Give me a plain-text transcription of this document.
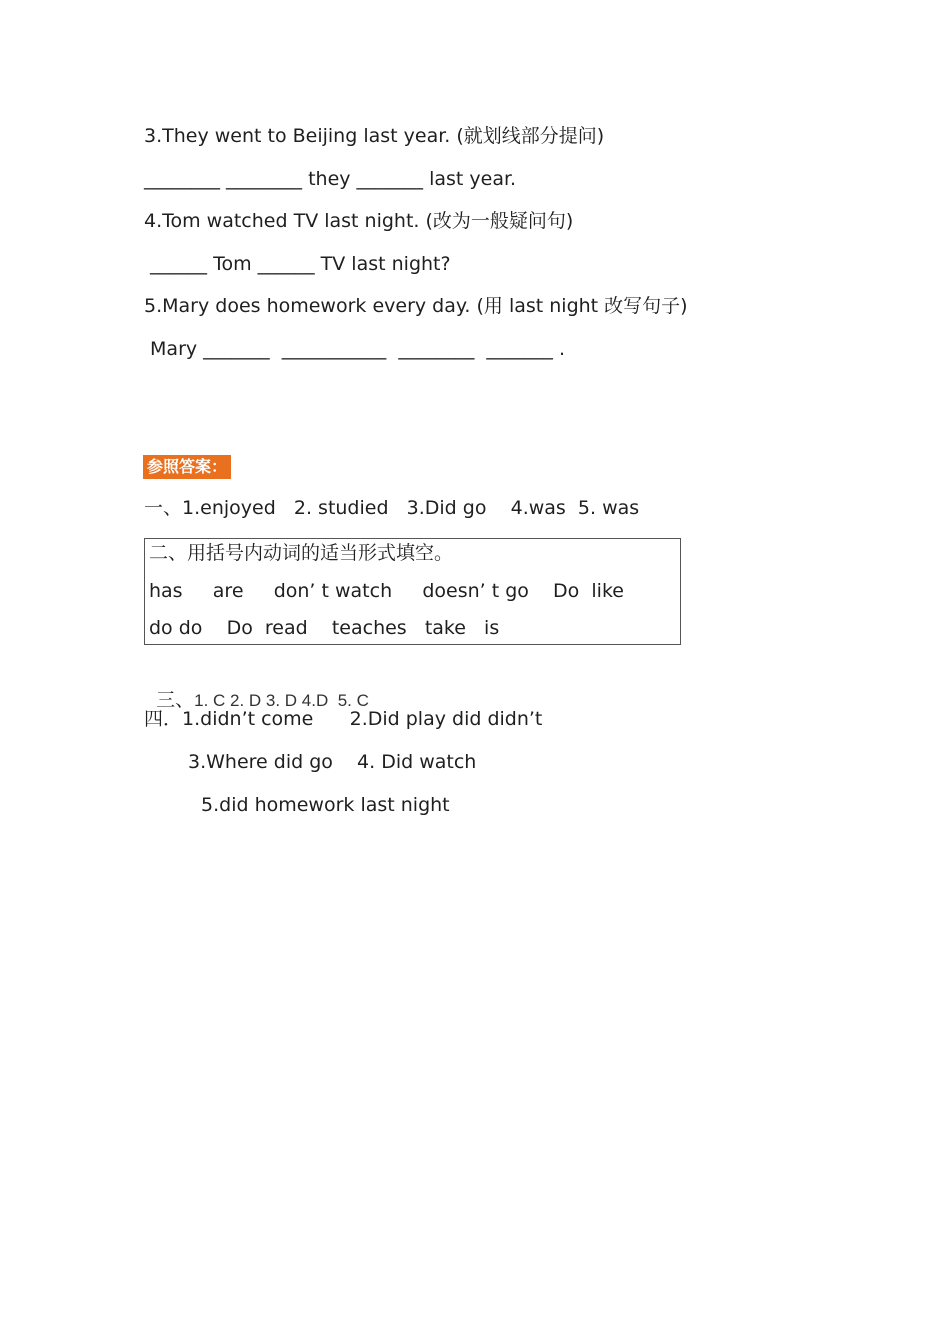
3.They went to Beijing last year. (就划线部分提问)
________ ________ they _______ last year.
4.Tom watched TV last night. (改为一般疑问句)
______ Tom ______ TV last night?
5.Mary does homework every day. (用 last night 改写句子)
Mary _______  ___________  ________  _______ .
参照答案：
一、1.enjoyed   2. studied   3.Did go    4.was  5. was
二、用括号内动词的适当形式填空。
has     are     don’ t watch     doesn’ t go    Do  like
do do    Do  read    teaches   take   is

三、1. C 2. D 3. D 4.D  5. C

四．1.didn’t come      2.Did play did didn’t
3.Where did go    4. Did watch
5.did homework last night
